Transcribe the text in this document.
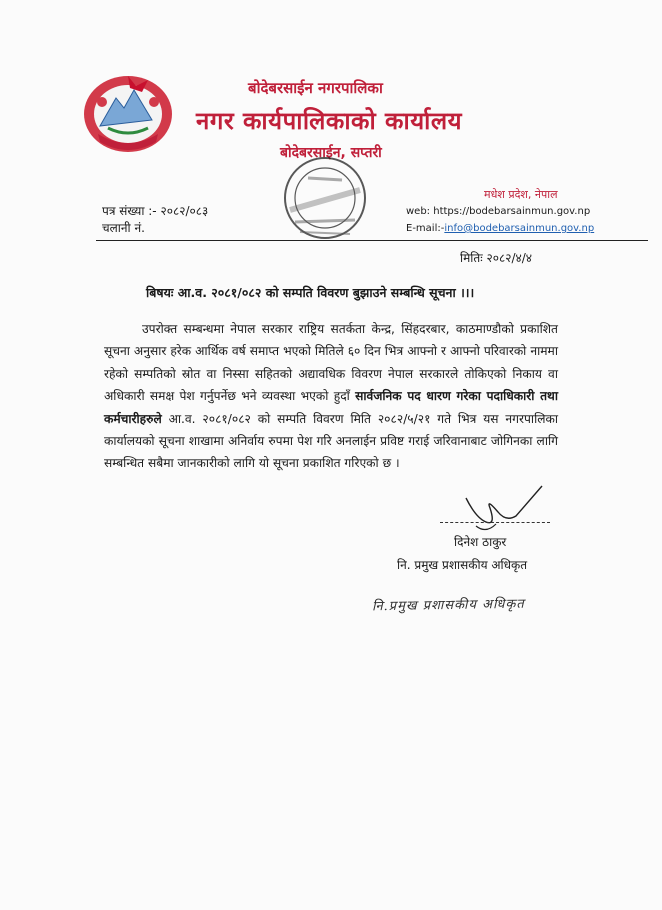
बोदेबरसाईन नगरपालिका
नगर कार्यपालिकाको कार्यालय
बोदेबरसाईन, सप्तरी
मधेश प्रदेश, नेपाल
पत्र संख्या :- २०८२/०८३
चलानी नं.
web: https://bodebarsainmun.gov.np
E-mail:-info@bodebarsainmun.gov.np
मितिः २०८२/४/४
बिषयः आ.व. २०८१/०८२ को सम्पति विवरण बुझाउने सम्बन्धि सूचना ।।।

उपरोक्त सम्बन्धमा नेपाल सरकार राष्ट्रिय सतर्कता केन्द्र, सिंहदरबार, काठमाण्डौको प्रकाशित सूचना अनुसार हरेक आर्थिक वर्ष समाप्त भएको मितिले ६० दिन भित्र आफ्नो र आफ्नो परिवारको नाममा रहेको सम्पतिको स्रोत वा निस्सा सहितको अद्यावधिक विवरण नेपाल सरकारले तोकिएको निकाय वा अधिकारी समक्ष पेश गर्नुपर्नेछ भने व्यवस्था भएको हुदाँ सार्वजनिक पद धारण गरेका पदाधिकारी तथा कर्मचारीहरुले आ.व. २०८१/०८२ को सम्पति विवरण मिति २०८२/५/२१ गते भित्र यस नगरपालिका कार्यालयको सूचना शाखामा अनिर्वाय रुपमा पेश गरि अनलाईन प्रविष्ट गराई जरिवानाबाट जोगिनका लागि सम्बन्धित सबैमा जानकारीको लागि यो सूचना प्रकाशित गरिएको छ ।

दिनेश ठाकुर
नि. प्रमुख प्रशासकीय अधिकृत
नि.प्रमुख प्रशासकीय अधिकृत
